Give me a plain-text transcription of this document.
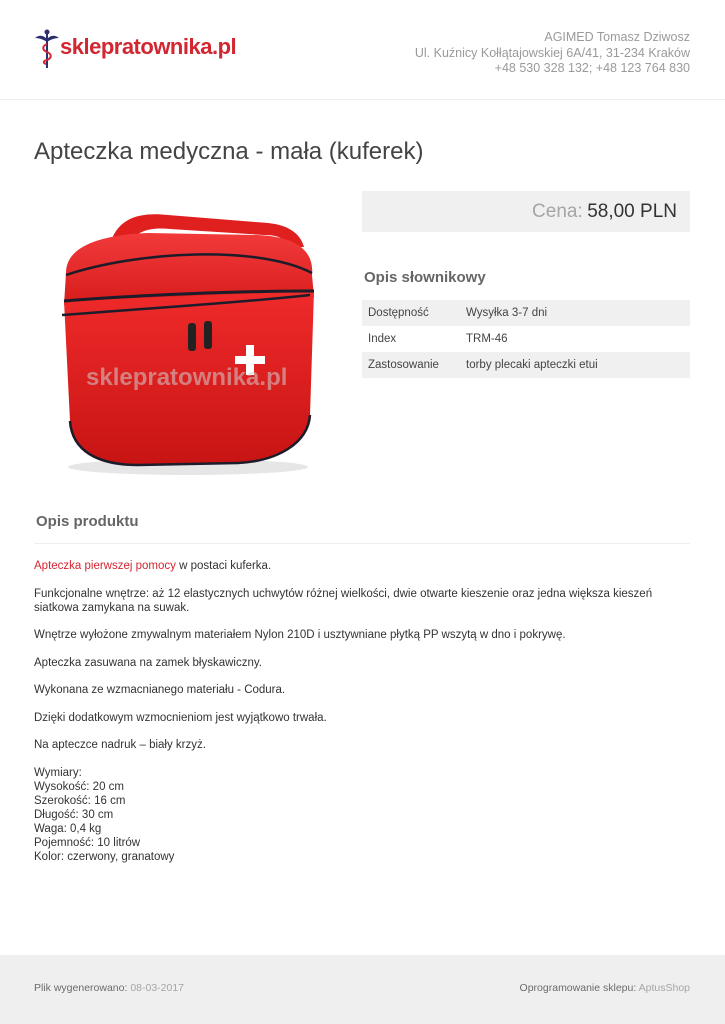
sklepratownika.pl	AGIMED Tomasz Dziwosz
Ul. Kuźnicy Kołłątajowskiej 6A/41, 31-234 Kraków
+48 530 328 132; +48 123 764 830
Apteczka medyczna - mała (kuferek)
sklepratownika.pl
Cena: 58,00 PLN
Opis słownikowy
Dostępność	Wysyłka 3-7 dni
Index	TRM-46
Zastosowanie	torby plecaki apteczki etui
Opis produktu

Apteczka pierwszej pomocy w postaci kuferka.

Funkcjonalne wnętrze: aż 12 elastycznych uchwytów różnej wielkości, dwie otwarte kieszenie oraz jedna większa kieszeń siatkowa zamykana na suwak.

Wnętrze wyłożone zmywalnym materiałem Nylon 210D i usztywniane płytką PP wszytą w dno i pokrywę.

Apteczka zasuwana na zamek błyskawiczny.

Wykonana ze wzmacnianego materiału - Codura.

Dzięki dodatkowym wzmocnieniom jest wyjątkowo trwała.

Na apteczce nadruk – biały krzyż.

Wymiary:

Wysokość: 20 cm

Szerokość: 16 cm

Długość: 30 cm

Waga: 0,4 kg

Pojemność: 10 litrów

Kolor: czerwony, granatowy

Plik wygenerowano: 08-03-2017	Oprogramowanie sklepu: AptusShop
